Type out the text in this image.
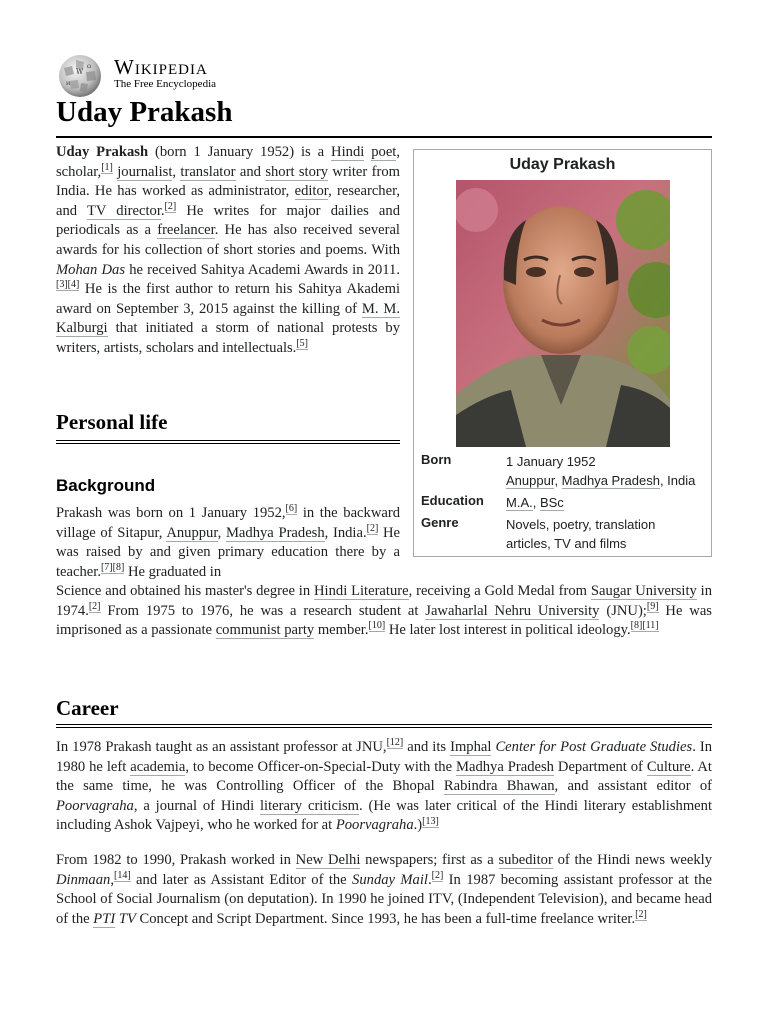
W
Ω
И
Wikipedia
The Free Encyclopedia
Uday Prakash

Uday Prakash (born 1 January 1952) is a Hindi poet, scholar,[1] journalist, translator and short story writer from India. He has worked as administrator, editor, researcher, and TV director.[2] He writes for major dailies and periodicals as a freelancer. He has also received several awards for his collection of short stories and poems. With Mohan Das he received Sahitya Academi Awards in 2011.[3][4] He is the first author to return his Sahitya Akademi award on September 3, 2015 against the killing of M. M. Kalburgi that initiated a storm of national protests by writers, artists, scholars and intellectuals.[5]

Uday Prakash
Born	1 January 1952
Anuppur, Madhya Pradesh, India
Education	M.A., BSc
Genre	Novels, poetry, translation
articles, TV and films
Personal life
Background

Prakash was born on 1 January 1952,[6] in the backward village of Sitapur, Anuppur, Madhya Pradesh, India.[2] He was raised by and given primary education there by a teacher.[7][8] He graduated in

Science and obtained his master's degree in Hindi Literature, receiving a Gold Medal from Saugar University in 1974.[2] From 1975 to 1976, he was a research student at Jawaharlal Nehru University (JNU);[9] He was imprisoned as a passionate communist party member.[10] He later lost interest in political ideology.[8][11]

Career

In 1978 Prakash taught as an assistant professor at JNU,[12] and its Imphal Center for Post Graduate Studies. In 1980 he left academia, to become Officer-on-Special-Duty with the Madhya Pradesh Department of Culture. At the same time, he was Controlling Officer of the Bhopal Rabindra Bhawan, and assistant editor of Poorvagraha, a journal of Hindi literary criticism. (He was later critical of the Hindi literary establishment including Ashok Vajpeyi, who he worked for at Poorvagraha.)[13]

From 1982 to 1990, Prakash worked in New Delhi newspapers; first as a subeditor of the Hindi news weekly Dinmaan,[14] and later as Assistant Editor of the Sunday Mail.[2] In 1987 becoming assistant professor at the School of Social Journalism (on deputation). In 1990 he joined ITV, (Independent Television), and became head of the PTI TV Concept and Script Department. Since 1993, he has been a full-time freelance writer.[2]
